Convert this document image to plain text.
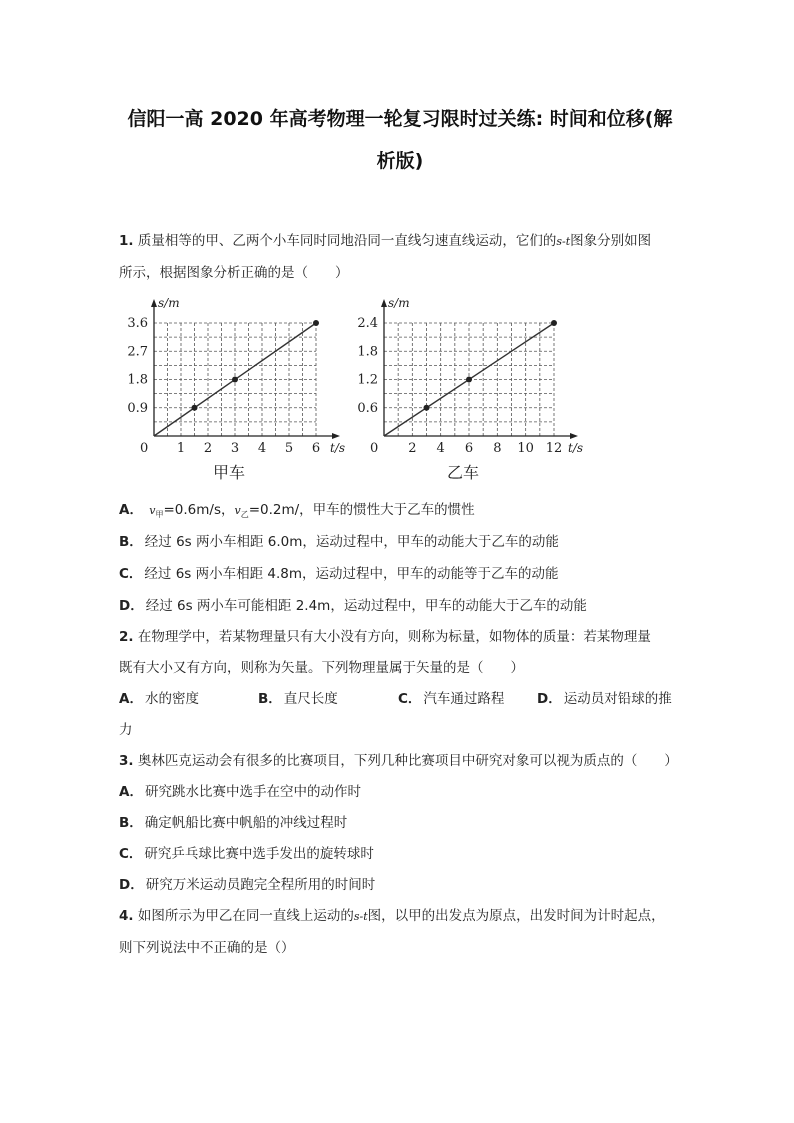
信阳一高 2020 年高考物理一轮复习限时过关练: 时间和位移(解
析版)
1. 质量相等的甲、乙两个小车同时同地沿同一直线匀速直线运动，它们的s-t图象分别如图
所示，根据图象分析正确的是（　　）
s/m
t/s
0
0.9
1.8
2.7
3.6
1 2 3 4 5 6
甲车
s/m
t/s
0
0.6
1.2
1.8
2.4
2 4 6 8 10 12
乙车
A． $v_甲=0.6m/s$，$v_乙=0.2m/$，甲车的惯性大于乙车的惯性
B． 经过 6s 两小车相距 6.0m，运动过程中，甲车的动能大于乙车的动能
C． 经过 6s 两小车相距 4.8m，运动过程中，甲车的动能等于乙车的动能
D． 经过 6s 两小车可能相距 2.4m，运动过程中，甲车的动能大于乙车的动能
2. 在物理学中，若某物理量只有大小没有方向，则称为标量，如物体的质量：若某物理量
既有大小又有方向，则称为矢量。下列物理量属于矢量的是（　　）
A． 水的密度	B． 直尺长度	C． 汽车通过路程 D． 运动员对铅球的推
力
3. 奥林匹克运动会有很多的比赛项目，下列几种比赛项目中研究对象可以视为质点的（　　）
A． 研究跳水比赛中选手在空中的动作时
B． 确定帆船比赛中帆船的冲线过程时
C． 研究乒乓球比赛中选手发出的旋转球时
D． 研究万米运动员跑完全程所用的时间时
4. 如图所示为甲乙在同一直线上运动的s-t图，以甲的出发点为原点，出发时间为计时起点，
则下列说法中不正确的是（）
